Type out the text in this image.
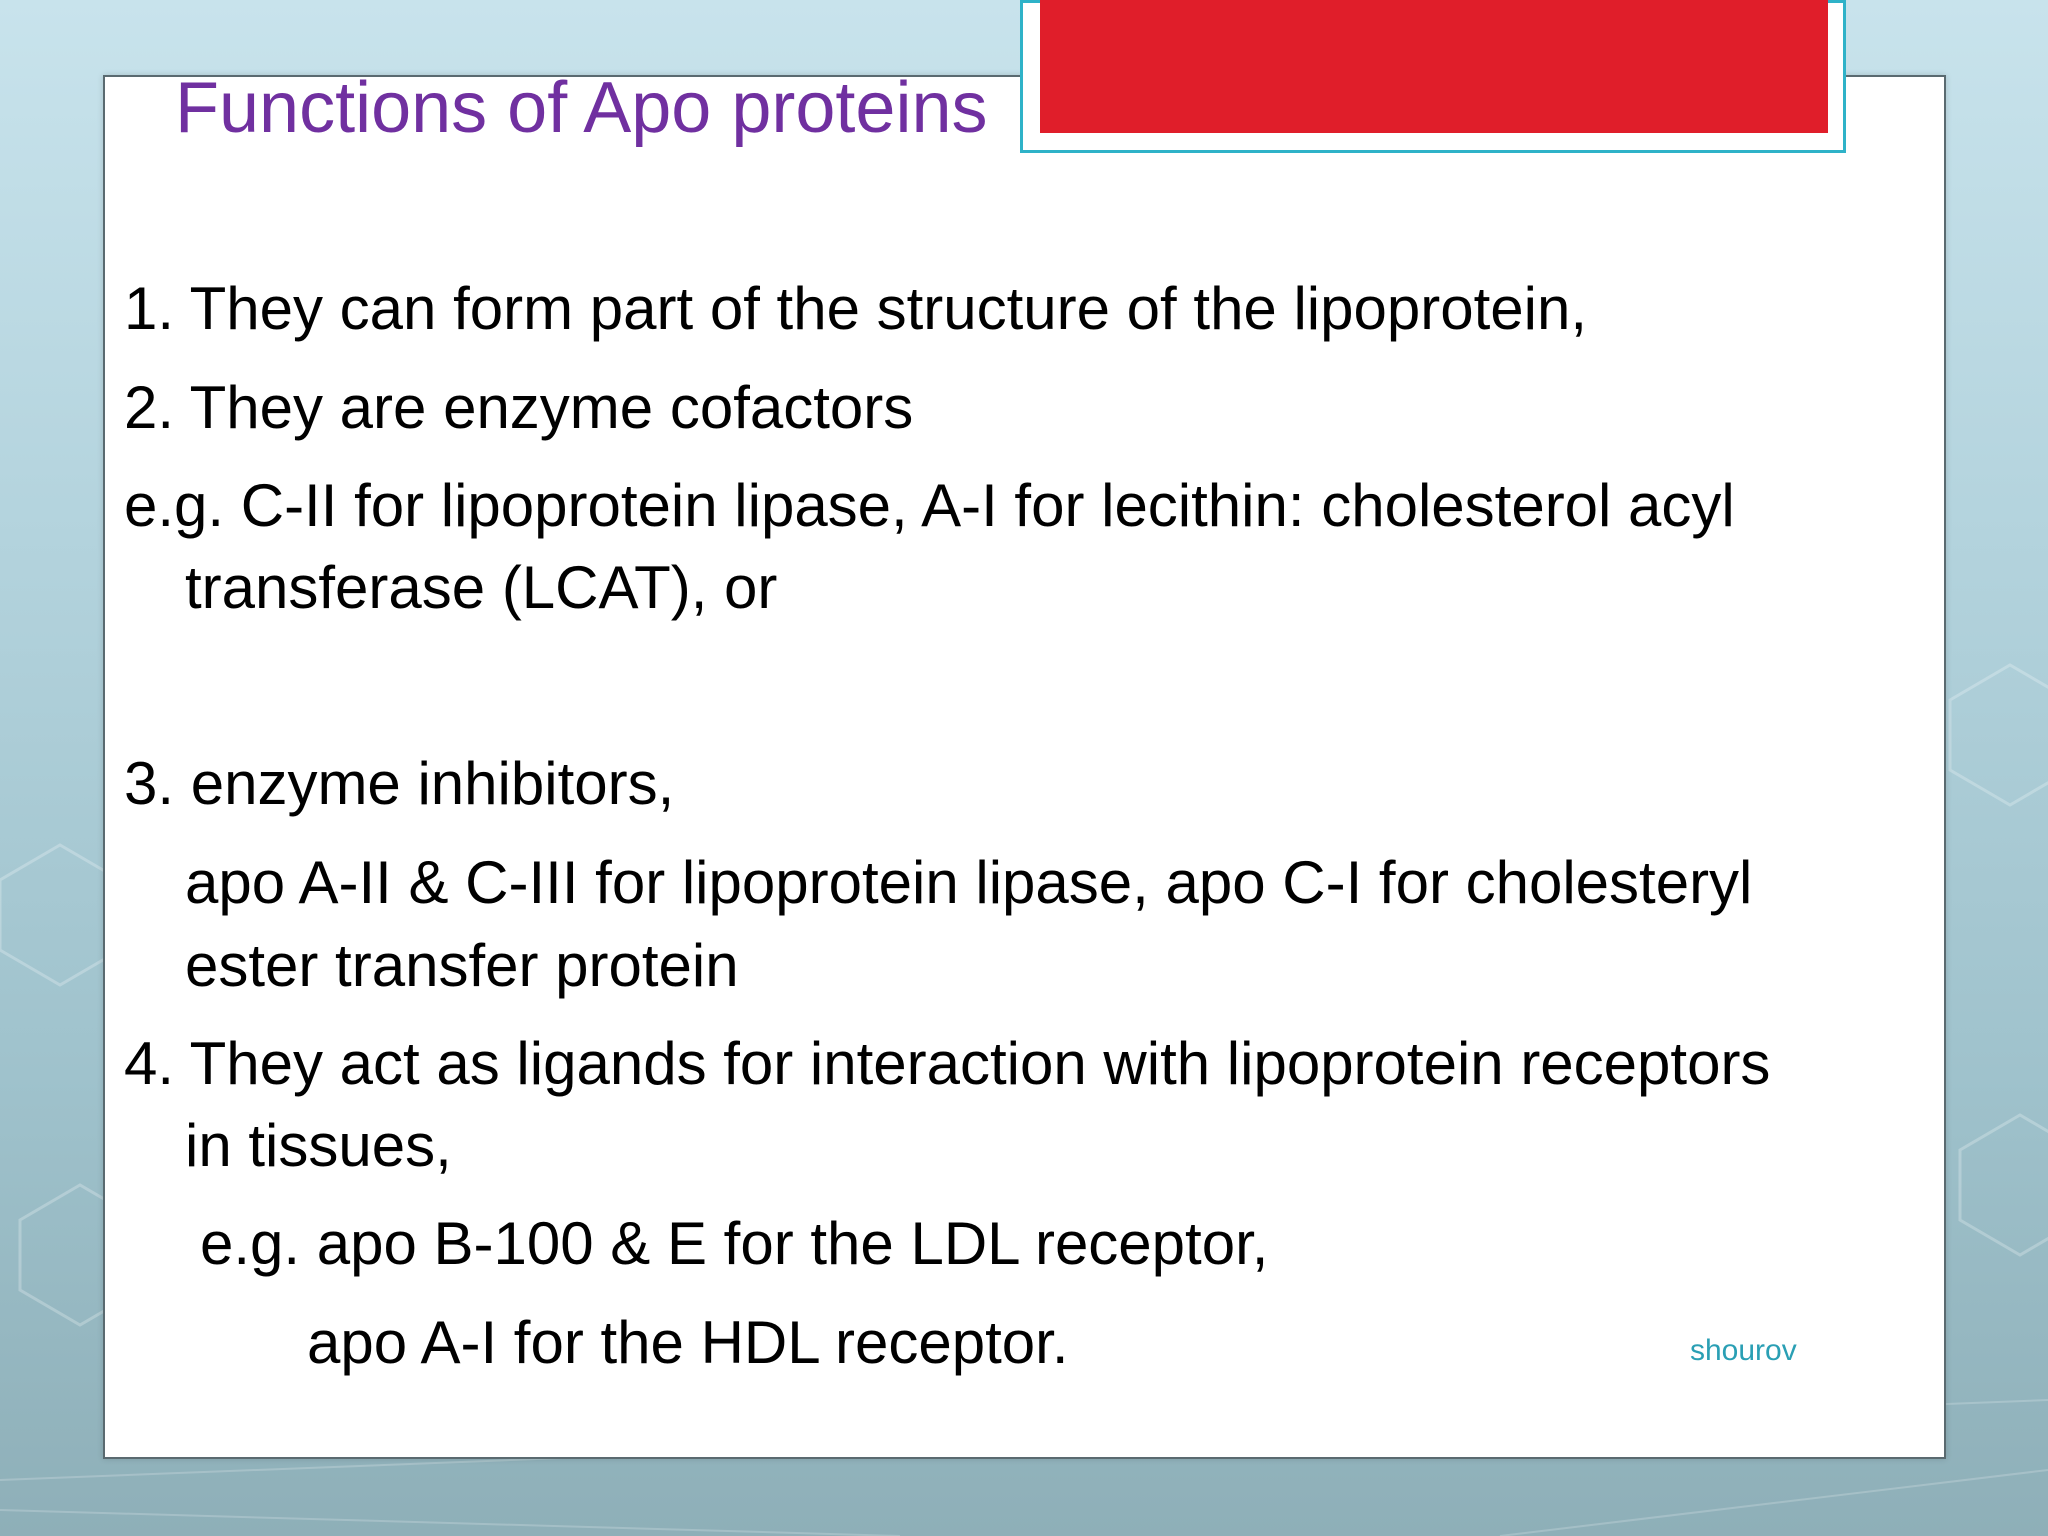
Functions of Apo proteins
1. They can form part of the structure of the lipoprotein,
2. They are enzyme cofactors
e.g. C-II for lipoprotein lipase, A-I for lecithin: cholesterol acyl
transferase (LCAT), or
3. enzyme inhibitors,
apo A-II & C-III for lipoprotein lipase, apo C-I for cholesteryl
ester transfer protein
4. They act as ligands for interaction with lipoprotein receptors
in tissues,
e.g. apo B-100 & E for the LDL receptor,
apo A-I for the HDL receptor.	shourov
